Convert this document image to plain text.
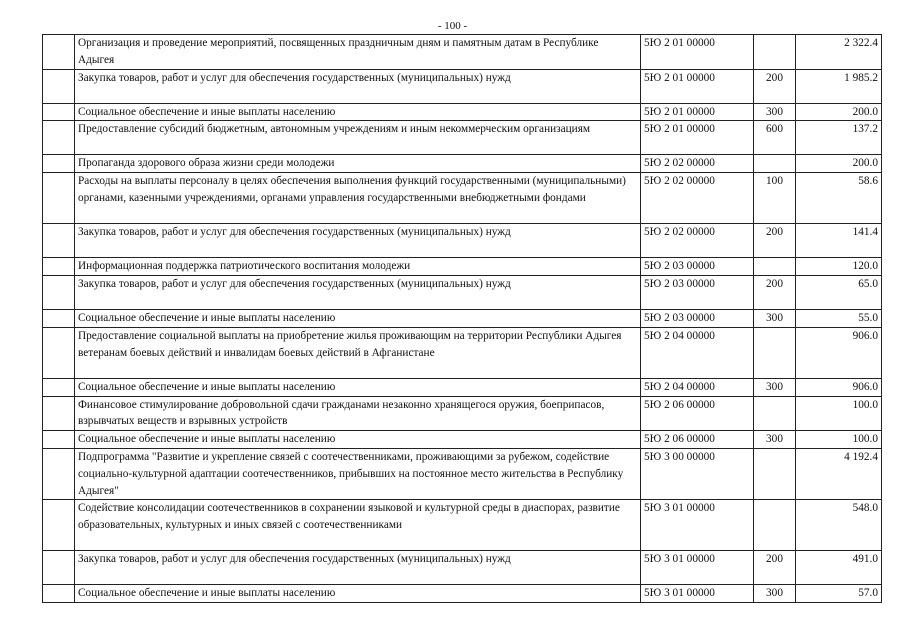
- 100 -
	Организация и проведение мероприятий, посвященных праздничным дням и памятным датам в Республике Адыгея	5Ю 2 01 00000		2 322.4
	Закупка товаров, работ и услуг для обеспечения государственных (муниципальных) нужд	5Ю 2 01 00000	200	1 985.2
	Социальное обеспечение и иные выплаты населению	5Ю 2 01 00000	300	200.0
	Предоставление субсидий бюджетным, автономным учреждениям и иным некоммерческим организациям	5Ю 2 01 00000	600	137.2
	Пропаганда здорового образа жизни среди молодежи	5Ю 2 02 00000		200.0
	Расходы на выплаты персоналу в целях обеспечения выполнения функций государственными (муниципальными) органами, казенными учреждениями, органами управления государственными внебюджетными фондами	5Ю 2 02 00000	100	58.6
	Закупка товаров, работ и услуг для обеспечения государственных (муниципальных) нужд	5Ю 2 02 00000	200	141.4
	Информационная поддержка патриотического воспитания молодежи	5Ю 2 03 00000		120.0
	Закупка товаров, работ и услуг для обеспечения государственных (муниципальных) нужд	5Ю 2 03 00000	200	65.0
	Социальное обеспечение и иные выплаты населению	5Ю 2 03 00000	300	55.0
	Предоставление социальной выплаты на приобретение жилья проживающим на территории Республики Адыгея ветеранам боевых действий и инвалидам боевых действий в Афганистане	5Ю 2 04 00000		906.0
	Социальное обеспечение и иные выплаты населению	5Ю 2 04 00000	300	906.0
	Финансовое стимулирование добровольной сдачи гражданами незаконно хранящегося оружия, боеприпасов, взрывчатых веществ и взрывных устройств	5Ю 2 06 00000		100.0
	Социальное обеспечение и иные выплаты населению	5Ю 2 06 00000	300	100.0
	Подпрограмма "Развитие и укрепление связей с соотечественниками, проживающими за рубежом, содействие социально-культурной адаптации соотечественников, прибывших на постоянное место жительства в Республику Адыгея"	5Ю 3 00 00000		4 192.4
	Содействие консолидации соотечественников в сохранении языковой и культурной среды в диаспорах, развитие образовательных, культурных и иных связей с соотечественниками	5Ю 3 01 00000		548.0
	Закупка товаров, работ и услуг для обеспечения государственных (муниципальных) нужд	5Ю 3 01 00000	200	491.0
	Социальное обеспечение и иные выплаты населению	5Ю 3 01 00000	300	57.0
